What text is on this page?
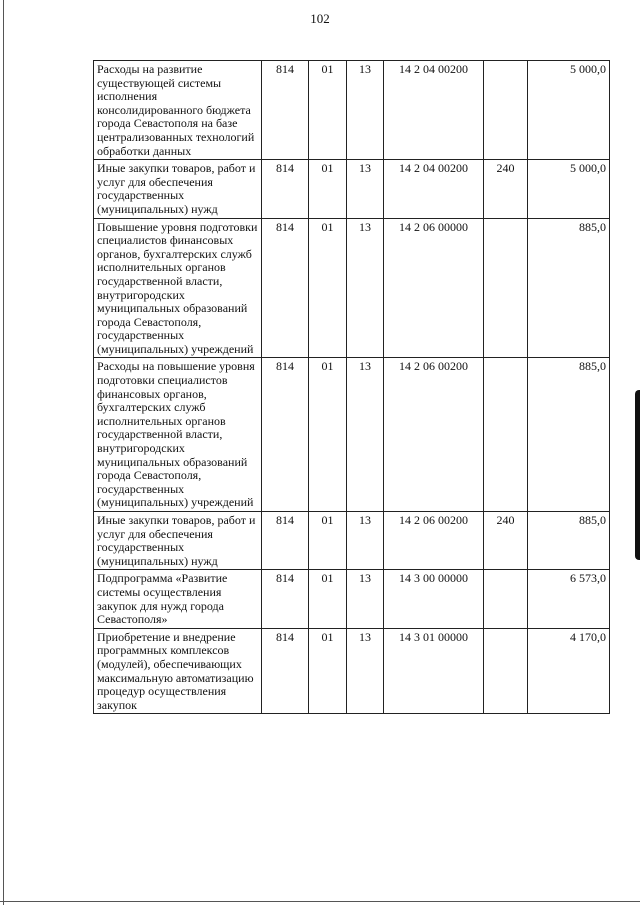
102
Расходы на развитие существующей системы исполнения консолидированного бюджета города Севастополя на базе централизованных технологий обработки данных	814	01	13	14 2 04 00200		5 000,0
Иные закупки товаров, работ и услуг для обеспечения государственных (муниципальных) нужд	814	01	13	14 2 04 00200	240	5 000,0
Повышение уровня подготовки специалистов финансовых органов, бухгалтерских служб исполнительных органов государственной власти, внутригородских муниципальных образований города Севастополя, государственных (муниципальных) учреждений	814	01	13	14 2 06 00000		885,0
Расходы на повышение уровня подготовки специалистов финансовых органов, бухгалтерских служб исполнительных органов государственной власти, внутригородских муниципальных образований города Севастополя, государственных (муниципальных) учреждений	814	01	13	14 2 06 00200		885,0
Иные закупки товаров, работ и услуг для обеспечения государственных (муниципальных) нужд	814	01	13	14 2 06 00200	240	885,0
Подпрограмма «Развитие системы осуществления закупок для нужд города Севастополя»	814	01	13	14 3 00 00000		6 573,0
Приобретение и внедрение программных комплексов (модулей), обеспечивающих максимальную автоматизацию процедур осуществления закупок	814	01	13	14 3 01 00000		4 170,0
